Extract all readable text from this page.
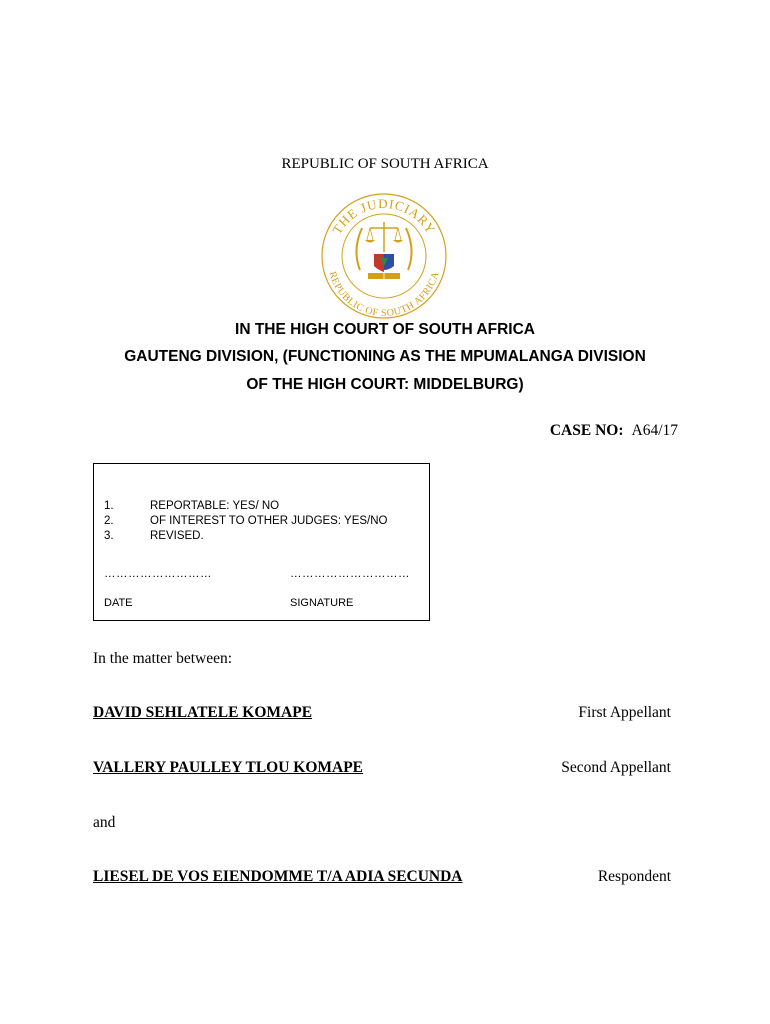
REPUBLIC OF SOUTH AFRICA
THE JUDICIARY
REPUBLIC OF SOUTH AFRICA
IN THE HIGH COURT OF SOUTH AFRICA
GAUTENG DIVISION, (FUNCTIONING AS THE MPUMALANGA DIVISION
OF THE HIGH COURT: MIDDELBURG)
CASE NO: A64/17
1.	REPORTABLE: YES/ NO
2.	OF INTEREST TO OTHER JUDGES: YES/NO
3.	REVISED.
………………………	…………………………
DATE	SIGNATURE
In the matter between:
DAVID SEHLATELE KOMAPE	First Appellant
VALLERY PAULLEY TLOU KOMAPE	Second Appellant
and
LIESEL DE VOS EIENDOMME T/A ADIA SECUNDA	Respondent
